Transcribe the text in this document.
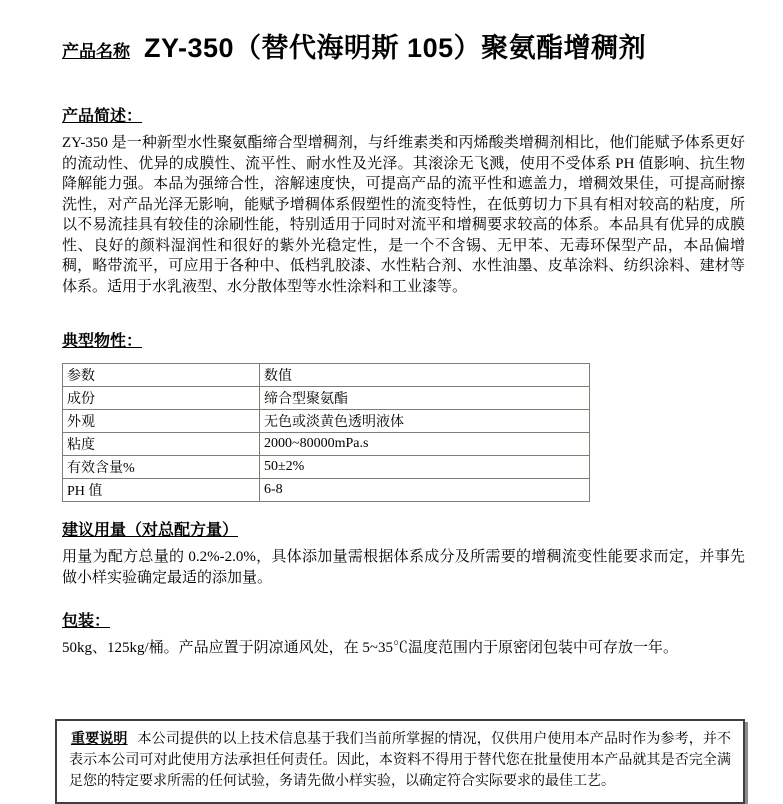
产品名称 ZY-350（替代海明斯 105）聚氨酯增稠剂
产品简述：

ZY-350 是一种新型水性聚氨酯缔合型增稠剂，与纤维素类和丙烯酸类增稠剂相比，他们能赋予体系更好的流动性、优异的成膜性、流平性、耐水性及光泽。其滚涂无飞溅，使用不受体系 PH 值影响、抗生物降解能力强。本品为强缔合性，溶解速度快，可提高产品的流平性和遮盖力，增稠效果佳，可提高耐擦洗性，对产品光泽无影响，能赋予增稠体系假塑性的流变特性，在低剪切力下具有相对较高的粘度，所以不易流挂具有较佳的涂刷性能，特别适用于同时对流平和增稠要求较高的体系。本品具有优异的成膜性、良好的颜料湿润性和很好的紫外光稳定性，是一个不含锡、无甲苯、无毒环保型产品，本品偏增稠，略带流平，可应用于各种中、低档乳胶漆、水性粘合剂、水性油墨、皮革涂料、纺织涂料、建材等体系。适用于水乳液型、水分散体型等水性涂料和工业漆等。

典型物性：
参数	数值
成份	缔合型聚氨酯
外观	无色或淡黄色透明液体
粘度	2000~80000mPa.s
有效含量%	50±2%
PH 值	6-8
建议用量（对总配方量）

用量为配方总量的 0.2%-2.0%，具体添加量需根据体系成分及所需要的增稠流变性能要求而定，并事先做小样实验确定最适的添加量。

包装：

50kg、125kg/桶。产品应置于阴凉通风处，在 5~35℃温度范围内于原密闭包装中可存放一年。

重要说明 本公司提供的以上技术信息基于我们当前所掌握的情况，仅供用户使用本产品时作为参考，并不表示本公司可对此使用方法承担任何责任。因此，本资料不得用于替代您在批量使用本产品就其是否完全满足您的特定要求所需的任何试验，务请先做小样实验，以确定符合实际要求的最佳工艺。
